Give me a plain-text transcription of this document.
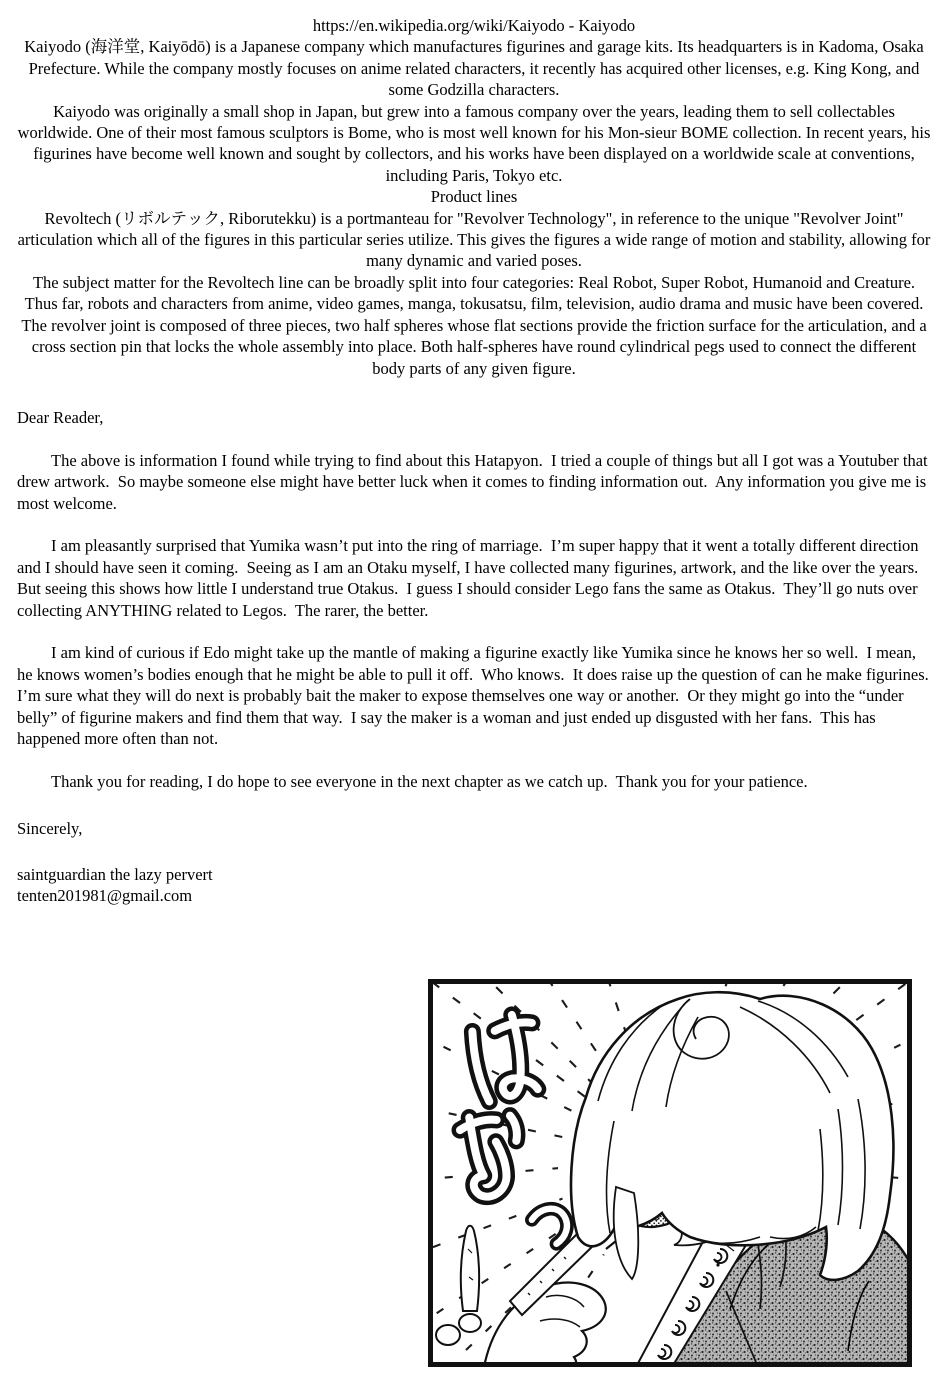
https://en.wikipedia.org/wiki/Kaiyodo - Kaiyodo

Kaiyodo (海洋堂, Kaiyōdō) is a Japanese company which manufactures figurines and garage kits. Its headquarters is in Kadoma, Osaka Prefecture. While the company mostly focuses on anime related characters, it recently has acquired other licenses, e.g. King Kong, and some Godzilla characters.

Kaiyodo was originally a small shop in Japan, but grew into a famous company over the years, leading them to sell collectables worldwide. One of their most famous sculptors is Bome, who is most well known for his Mon-sieur BOME collection. In recent years, his figurines have become well known and sought by collectors, and his works have been displayed on a worldwide scale at conventions, including Paris, Tokyo etc.

Product lines

Revoltech (リボルテック, Riborutekku) is a portmanteau for "Revolver Technology", in reference to the unique "Revolver Joint" articulation which all of the figures in this particular series utilize. This gives the figures a wide range of motion and stability, allowing for many dynamic and varied poses.

The subject matter for the Revoltech line can be broadly split into four categories: Real Robot, Super Robot, Humanoid and Creature. Thus far, robots and characters from anime, video games, manga, tokusatsu, film, television, audio drama and music have been covered. The revolver joint is composed of three pieces, two half spheres whose flat sections provide the friction surface for the articulation, and a cross section pin that locks the whole assembly into place. Both half-spheres have round cylindrical pegs used to connect the different body parts of any given figure.

Dear Reader,

The above is information I found while trying to find about this Hatapyon.  I tried a couple of things but all I got was a Youtuber that drew artwork.  So maybe someone else might have better luck when it comes to finding information out.  Any information you give me is most welcome.

I am pleasantly surprised that Yumika wasn’t put into the ring of marriage.  I’m super happy that it went a totally different direction and I should have seen it coming.  Seeing as I am an Otaku myself, I have collected many figurines, artwork, and the like over the years.  But seeing this shows how little I understand true Otakus.  I guess I should consider Lego fans the same as Otakus.  They’ll go nuts over collecting ANYTHING related to Legos.  The rarer, the better.

I am kind of curious if Edo might take up the mantle of making a figurine exactly like Yumika since he knows her so well.  I mean, he knows women’s bodies enough that he might be able to pull it off.  Who knows.  It does raise up the question of can he make figurines.  I’m sure what they will do next is probably bait the maker to expose themselves one way or another.  Or they might go into the “under belly” of figurine makers and find them that way.  I say the maker is a woman and just ended up disgusted with her fans.  This has happened more often than not.

Thank you for reading, I do hope to see everyone in the next chapter as we catch up.  Thank you for your patience.

Sincerely,

saintguardian the lazy pervert

tenten201981@gmail.com
